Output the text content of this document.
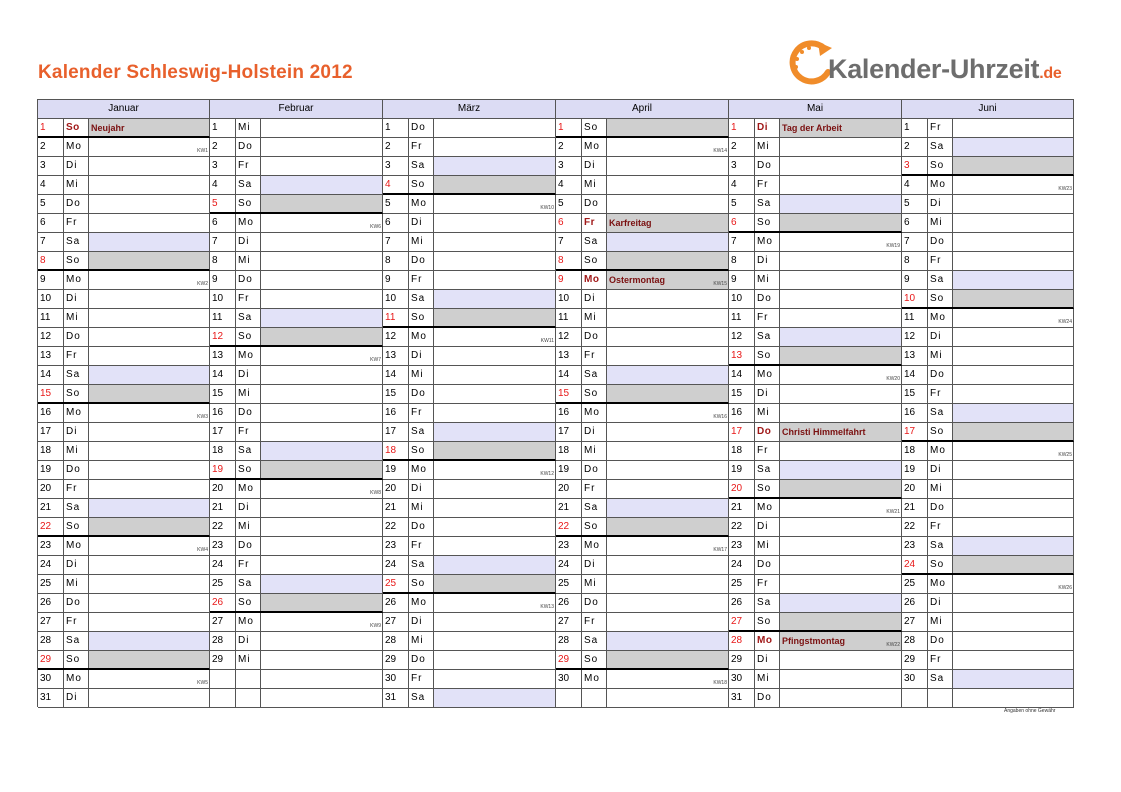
Kalender Schleswig-Holstein 2012	Kalender-Uhrzeit.de
Januar
1	So	Neujahr
2	Mo	KW1
3	Di
4	Mi
5	Do
6	Fr
7	Sa
8	So
9	Mo	KW2
10	Di
11	Mi
12	Do
13	Fr
14	Sa
15	So
16	Mo	KW3
17	Di
18	Mi
19	Do
20	Fr
21	Sa
22	So
23	Mo	KW4
24	Di
25	Mi
26	Do
27	Fr
28	Sa
29	So
30	Mo	KW5
31	Di
Februar
1	Mi
2	Do
3	Fr
4	Sa
5	So
6	Mo	KW6
7	Di
8	Mi
9	Do
10	Fr
11	Sa
12	So
13	Mo	KW7
14	Di
15	Mi
16	Do
17	Fr
18	Sa
19	So
20	Mo	KW8
21	Di
22	Mi
23	Do
24	Fr
25	Sa
26	So
27	Mo	KW9
28	Di
29	Mi
März
1	Do
2	Fr
3	Sa
4	So
5	Mo	KW10
6	Di
7	Mi
8	Do
9	Fr
10	Sa
11	So
12	Mo	KW11
13	Di
14	Mi
15	Do
16	Fr
17	Sa
18	So
19	Mo	KW12
20	Di
21	Mi
22	Do
23	Fr
24	Sa
25	So
26	Mo	KW13
27	Di
28	Mi
29	Do
30	Fr
31	Sa
April
1	So
2	Mo	KW14
3	Di
4	Mi
5	Do
6	Fr	Karfreitag
7	Sa
8	So
9	Mo	Ostermontag	KW15
10	Di
11	Mi
12	Do
13	Fr
14	Sa
15	So
16	Mo	KW16
17	Di
18	Mi
19	Do
20	Fr
21	Sa
22	So
23	Mo	KW17
24	Di
25	Mi
26	Do
27	Fr
28	Sa
29	So
30	Mo	KW18
Mai
1	Di	Tag der Arbeit
2	Mi
3	Do
4	Fr
5	Sa
6	So
7	Mo	KW19
8	Di
9	Mi
10	Do
11	Fr
12	Sa
13	So
14	Mo	KW20
15	Di
16	Mi
17	Do	Christi Himmelfahrt
18	Fr
19	Sa
20	So
21	Mo	KW21
22	Di
23	Mi
24	Do
25	Fr
26	Sa
27	So
28	Mo	Pfingstmontag	KW22
29	Di
30	Mi
31	Do
Juni
1	Fr
2	Sa
3	So
4	Mo	KW23
5	Di
6	Mi
7	Do
8	Fr
9	Sa
10	So
11	Mo	KW24
12	Di
13	Mi
14	Do
15	Fr
16	Sa
17	So
18	Mo	KW25
19	Di
20	Mi
21	Do
22	Fr
23	Sa
24	So
25	Mo	KW26
26	Di
27	Mi
28	Do
29	Fr
30	Sa
Angaben ohne Gewähr
